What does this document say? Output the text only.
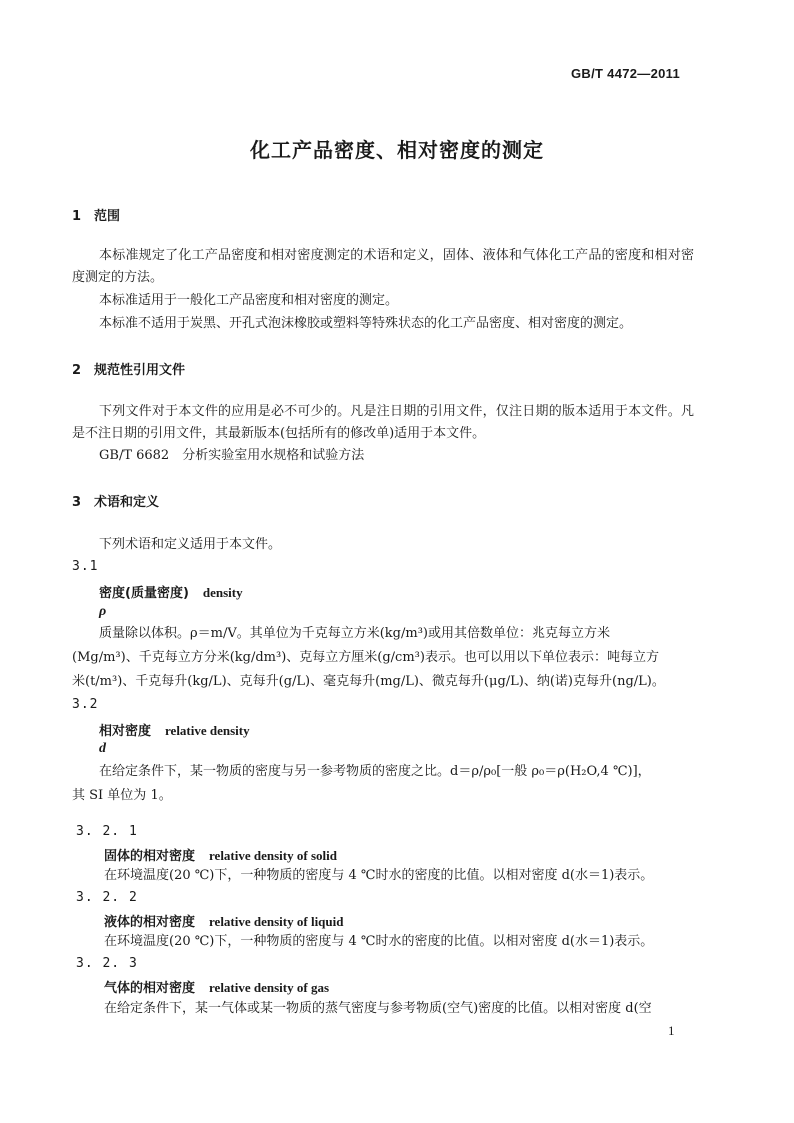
GB/T 4472—2011
化工产品密度、相对密度的测定
1 范围
本标准规定了化工产品密度和相对密度测定的术语和定义，固体、液体和气体化工产品的密度和相对密度测定的方法。
本标准适用于一般化工产品密度和相对密度的测定。
本标准不适用于炭黑、开孔式泡沫橡胶或塑料等特殊状态的化工产品密度、相对密度的测定。
2 规范性引用文件
下列文件对于本文件的应用是必不可少的。凡是注日期的引用文件，仅注日期的版本适用于本文件。凡是不注日期的引用文件，其最新版本(包括所有的修改单)适用于本文件。
GB/T 6682　分析实验室用水规格和试验方法
3 术语和定义
下列术语和定义适用于本文件。
3.1
密度(质量密度) density
ρ
质量除以体积。ρ＝m/V。其单位为千克每立方米(kg/m³)或用其倍数单位：兆克每立方米
(Mg/m³)、千克每立方分米(kg/dm³)、克每立方厘米(g/cm³)表示。也可以用以下单位表示：吨每立方
米(t/m³)、千克每升(kg/L)、克每升(g/L)、毫克每升(mg/L)、微克每升(μg/L)、纳(诺)克每升(ng/L)。
3.2
相对密度 relative density
d
在给定条件下，某一物质的密度与另一参考物质的密度之比。d＝ρ/ρ₀[一般 ρ₀＝ρ(H₂O,4 ℃)]，
其 SI 单位为 1。
3. 2. 1
固体的相对密度 relative density of solid
在环境温度(20 ℃)下，一种物质的密度与 4 ℃时水的密度的比值。以相对密度 d(水＝1)表示。
3. 2. 2
液体的相对密度 relative density of liquid
在环境温度(20 ℃)下，一种物质的密度与 4 ℃时水的密度的比值。以相对密度 d(水＝1)表示。
3. 2. 3
气体的相对密度 relative density of gas
在给定条件下，某一气体或某一物质的蒸气密度与参考物质(空气)密度的比值。以相对密度 d(空
1
